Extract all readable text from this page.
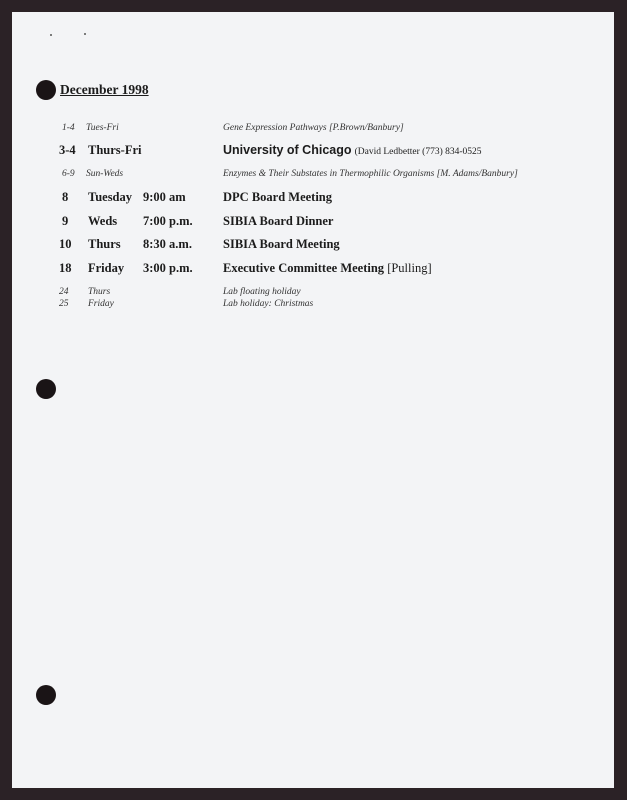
December 1998
1-4 Tues-Fri	Gene Expression Pathways [P.Brown/Banbury]
3-4 Thurs-Fri	University of Chicago (David Ledbetter (773) 834-0525
6-9 Sun-Weds	Enzymes & Their Substates in Thermophilic Organisms [M. Adams/Banbury]
8 Tuesday 9:00 am	DPC Board Meeting
9 Weds 7:00 p.m. SIBIA Board Dinner
10 Thurs 8:30 a.m. SIBIA Board Meeting
18 Friday 3:00 p.m. Executive Committee Meeting [Pulling]
24 Thurs	Lab floating holiday
25 Friday	Lab holiday: Christmas
